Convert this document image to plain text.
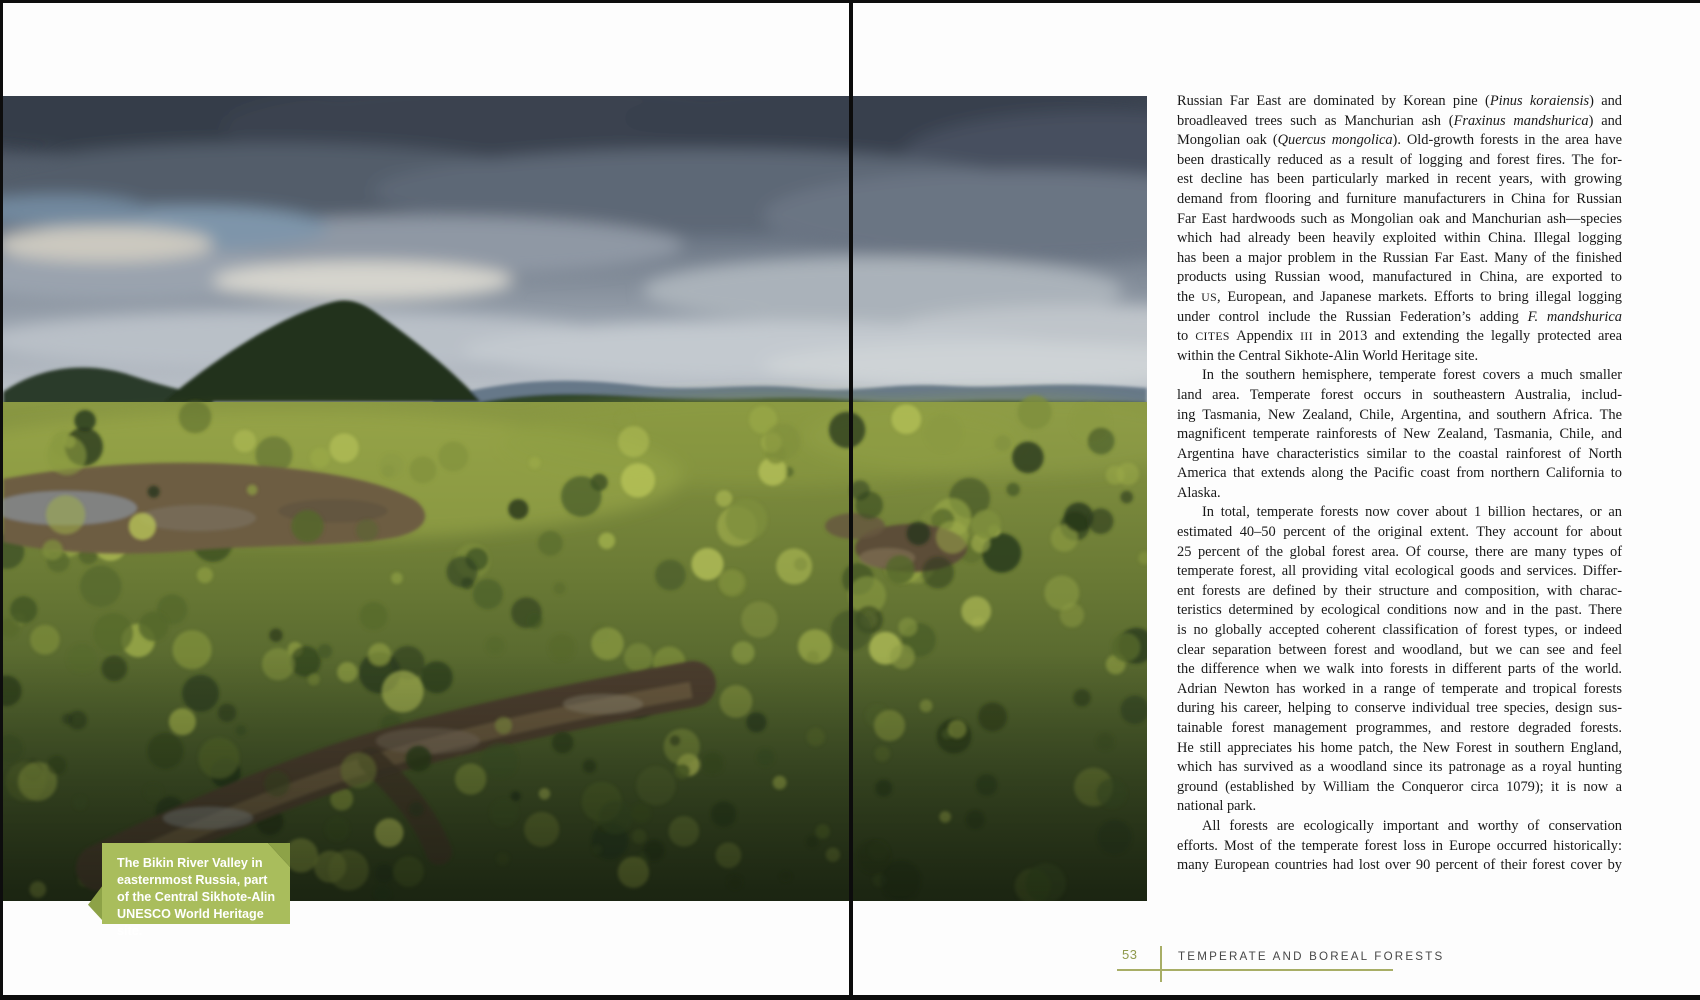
The Bikin River Valley in
easternmost Russia, part
of the Central Sikhote-Alin
UNESCO World Heritage site.
Russian Far East are dominated by Korean pine (Pinus koraiensis) and
broadleaved trees such as Manchurian ash (Fraxinus mandshurica) and
Mongolian oak (Quercus mongolica). Old-growth forests in the area have
been drastically reduced as a result of logging and forest fires. The for-
est decline has been particularly marked in recent years, with growing
demand from flooring and furniture manufacturers in China for Russian
Far East hardwoods such as Mongolian oak and Manchurian ash—species
which had already been heavily exploited within China. Illegal logging
has been a major problem in the Russian Far East. Many of the finished
products using Russian wood, manufactured in China, are exported to
the US, European, and Japanese markets. Efforts to bring illegal logging
under control include the Russian Federation’s adding F. mandshurica
to CITES Appendix III in 2013 and extending the legally protected area
within the Central Sikhote-Alin World Heritage site.
In the southern hemisphere, temperate forest covers a much smaller
land area. Temperate forest occurs in southeastern Australia, includ-
ing Tasmania, New Zealand, Chile, Argentina, and southern Africa. The
magnificent temperate rainforests of New Zealand, Tasmania, Chile, and
Argentina have characteristics similar to the coastal rainforest of North
America that extends along the Pacific coast from northern California to
Alaska.
In total, temperate forests now cover about 1 billion hectares, or an
estimated 40–50 percent of the original extent. They account for about
25 percent of the global forest area. Of course, there are many types of
temperate forest, all providing vital ecological goods and services. Differ-
ent forests are defined by their structure and composition, with charac-
teristics determined by ecological conditions now and in the past. There
is no globally accepted coherent classification of forest types, or indeed
clear separation between forest and woodland, but we can see and feel
the difference when we walk into forests in different parts of the world.
Adrian Newton has worked in a range of temperate and tropical forests
during his career, helping to conserve individual tree species, design sus-
tainable forest management programmes, and restore degraded forests.
He still appreciates his home patch, the New Forest in southern England,
which has survived as a woodland since its patronage as a royal hunting
ground (established by William the Conqueror circa 1079); it is now a
national park.
All forests are ecologically important and worthy of conservation
efforts. Most of the temperate forest loss in Europe occurred historically:
many European countries had lost over 90 percent of their forest cover by
53	TEMPERATE AND BOREAL FORESTS
